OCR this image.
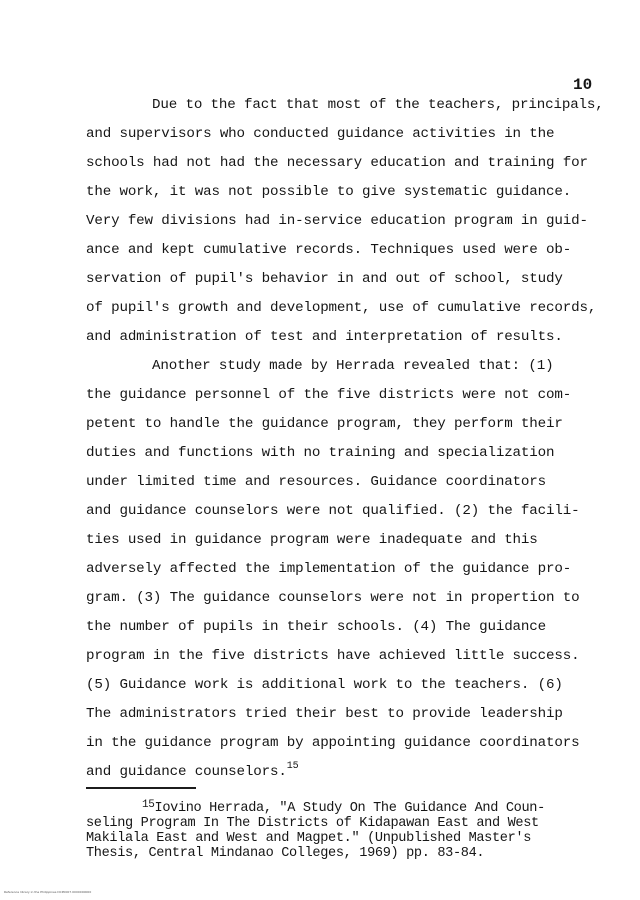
10
Due to the fact that most of the teachers, principals,
and supervisors who conducted guidance activities in the
schools had not had the necessary education and training for
the work, it was not possible to give systematic guidance.
Very few divisions had in-service education program in guid-
ance and kept cumulative records. Techniques used were ob-
servation of pupil's behavior in and out of school, study
of pupil's growth and development, use of cumulative records,
and administration of test and interpretation of results.
Another study made by Herrada revealed that: (1)
the guidance personnel of the five districts were not com-
petent to handle the guidance program, they perform their
duties and functions with no training and specialization
under limited time and resources. Guidance coordinators
and guidance counselors were not qualified. (2) the facili-
ties used in guidance program were inadequate and this
adversely affected the implementation of the guidance pro-
gram. (3) The guidance counselors were not in propertion to
the number of pupils in their schools. (4) The guidance
program in the five districts have achieved little success.
(5) Guidance work is additional work to the teachers. (6)
The administrators tried their best to provide leadership
in the guidance program by appointing guidance coordinators
and guidance counselors.$^{15}$
$^{15}$Iovino Herrada, "A Study On The Guidance And Coun-
seling Program In The Districts of Kidapawan East and West
Makilala East and West and Magpet." (Unpublished Master's
Thesis, Central Mindanao Colleges, 1969) pp. 83-84.
Reference library in the Philippines DCP0007·0000000000
